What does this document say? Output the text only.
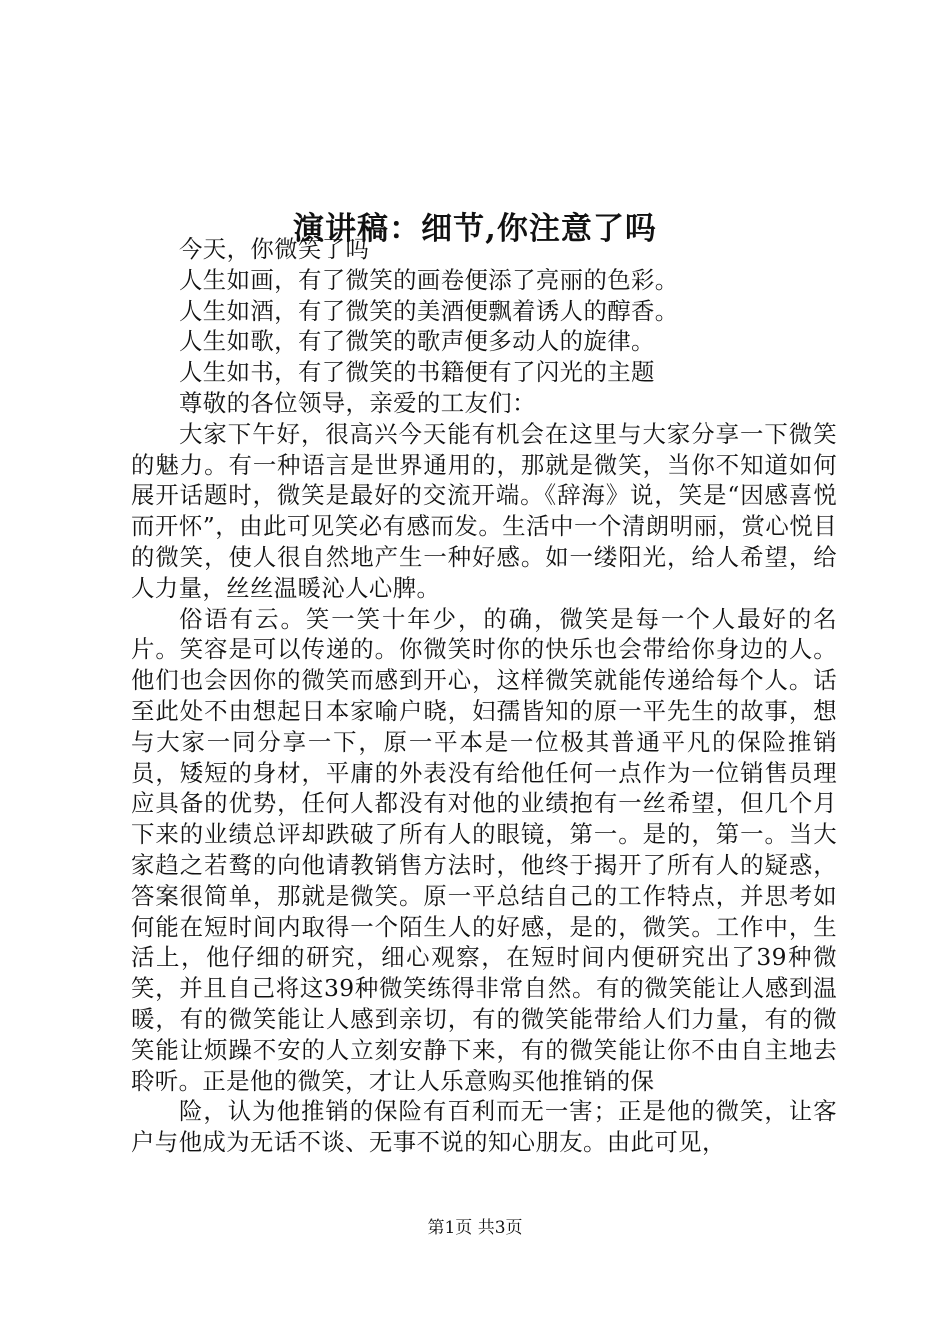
演讲稿：细节,你注意了吗

今天，你微笑了吗

人生如画，有了微笑的画卷便添了亮丽的色彩。

人生如酒，有了微笑的美酒便飘着诱人的醇香。

人生如歌，有了微笑的歌声便多动人的旋律。

人生如书，有了微笑的书籍便有了闪光的主题

尊敬的各位领导，亲爱的工友们：

大家下午好，很高兴今天能有机会在这里与大家分享一下微笑的魅力。有一种语言是世界通用的，那就是微笑，当你不知道如何展开话题时，微笑是最好的交流开端。《辞海》说，笑是“因感喜悦而开怀”，由此可见笑必有感而发。生活中一个清朗明丽，赏心悦目的微笑，使人很自然地产生一种好感。如一缕阳光，给人希望，给人力量，丝丝温暖沁人心脾。

俗语有云。笑一笑十年少，的确，微笑是每一个人最好的名片。笑容是可以传递的。你微笑时你的快乐也会带给你身边的人。他们也会因你的微笑而感到开心，这样微笑就能传递给每个人。话至此处不由想起日本家喻户晓，妇孺皆知的原一平先生的故事，想与大家一同分享一下，原一平本是一位极其普通平凡的保险推销员，矮短的身材，平庸的外表没有给他任何一点作为一位销售员理应具备的优势，任何人都没有对他的业绩抱有一丝希望，但几个月下来的业绩总评却跌破了所有人的眼镜，第一。是的，第一。当大家趋之若鹜的向他请教销售方法时，他终于揭开了所有人的疑惑，答案很简单，那就是微笑。原一平总结自己的工作特点，并思考如何能在短时间内取得一个陌生人的好感，是的，微笑。工作中，生活上，他仔细的研究，细心观察，在短时间内便研究出了39种微笑，并且自己将这39种微笑练得非常自然。有的微笑能让人感到温暖，有的微笑能让人感到亲切，有的微笑能带给人们力量，有的微笑能让烦躁不安的人立刻安静下来，有的微笑能让你不由自主地去聆听。正是他的微笑，才让人乐意购买他推销的保

险，认为他推销的保险有百利而无一害；正是他的微笑，让客户与他成为无话不谈、无事不说的知心朋友。由此可见，

第1页 共3页
